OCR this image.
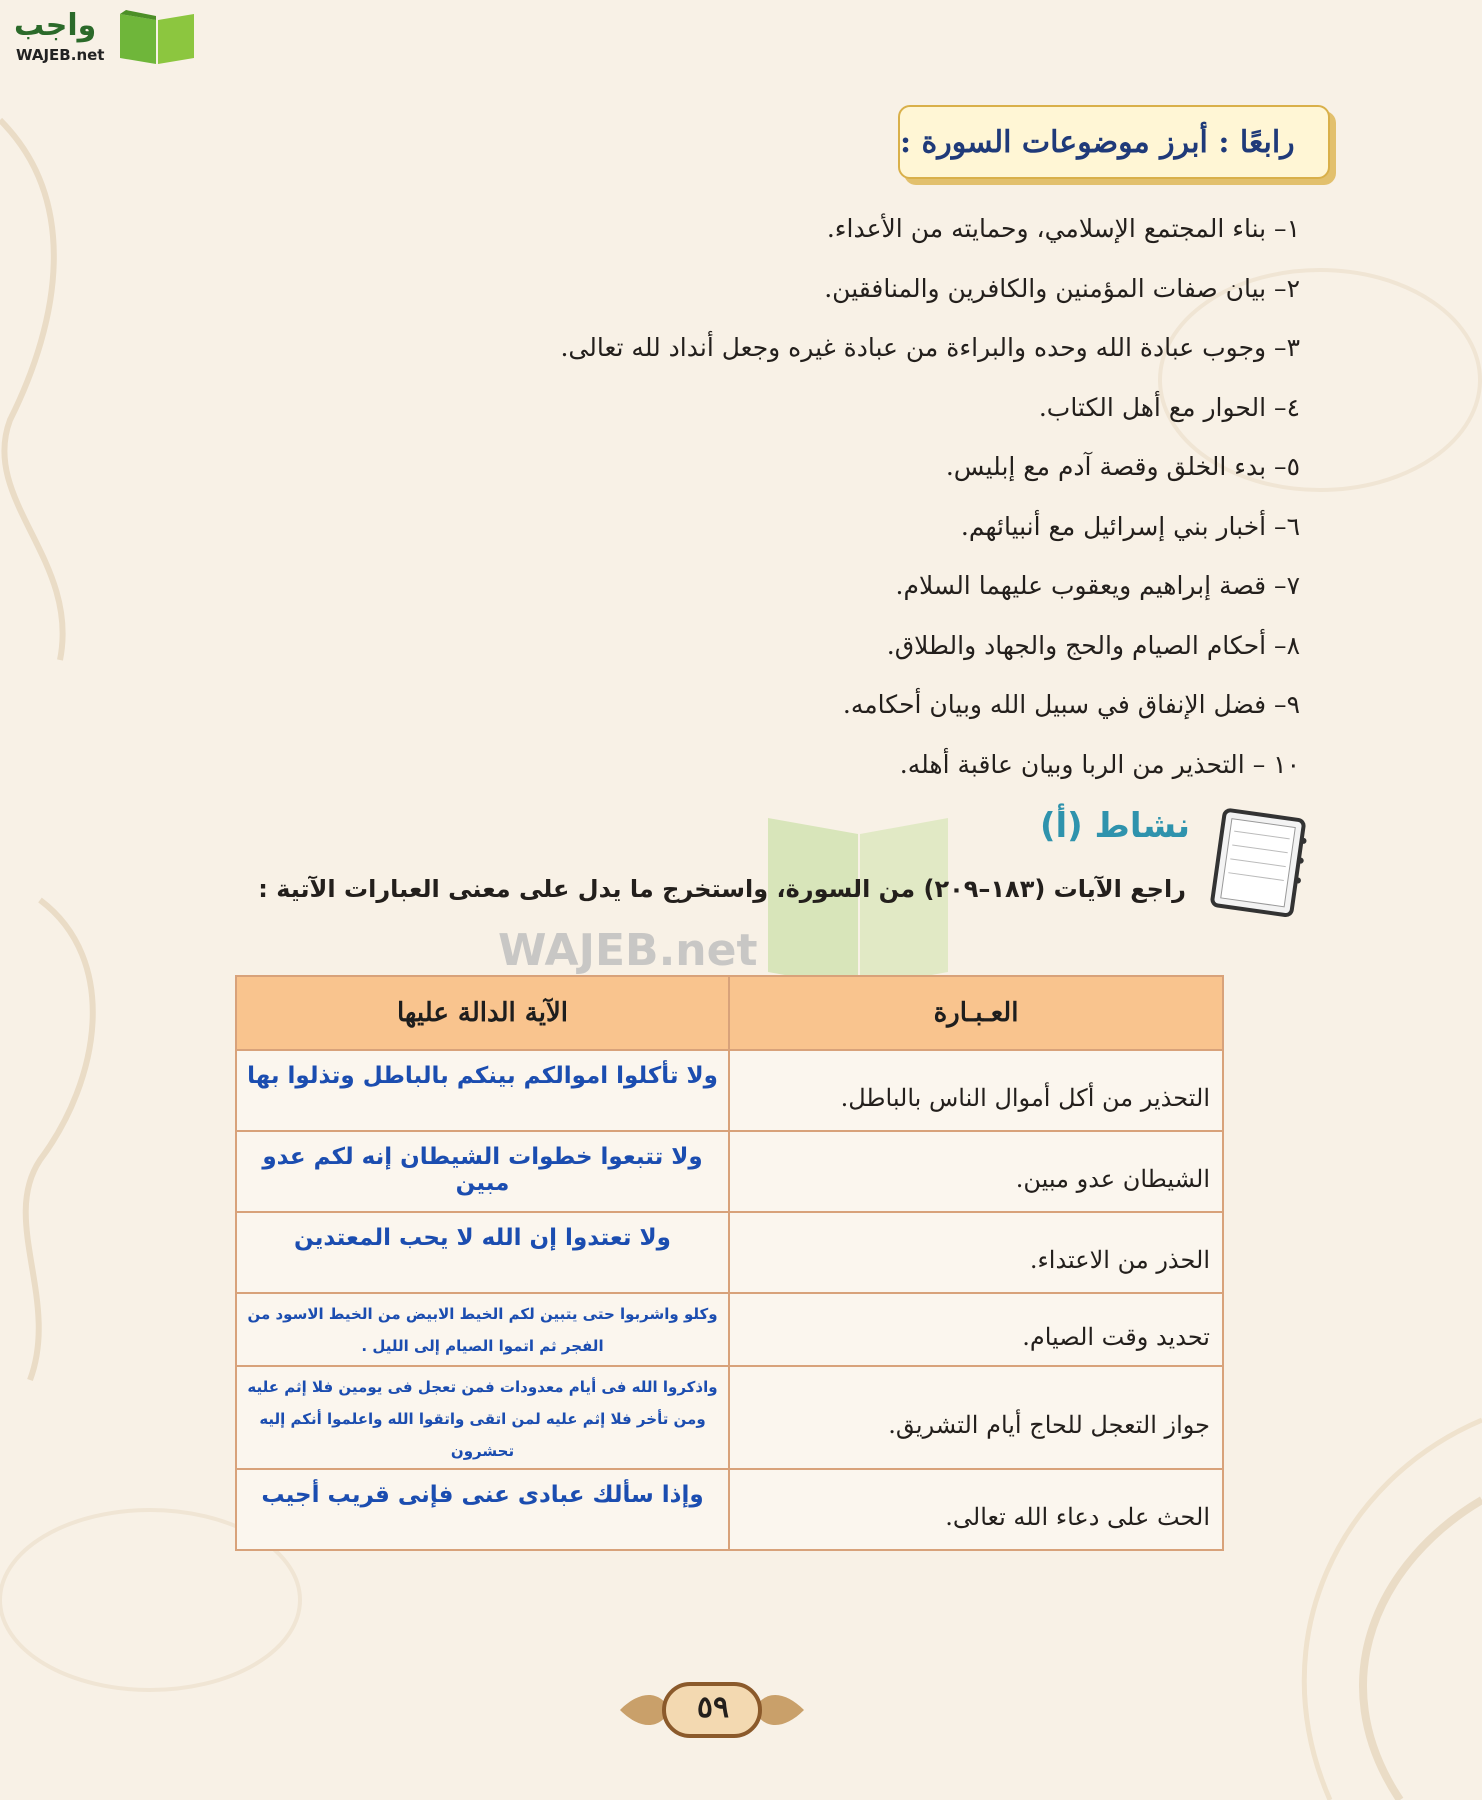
واجب
WAJEB.net
رابعًا : أبرز موضوعات السورة :
١– بناء المجتمع الإسلامي، وحمايته من الأعداء.
٢– بيان صفات المؤمنين والكافرين والمنافقين.
٣– وجوب عبادة الله وحده والبراءة من عبادة غيره وجعل أنداد لله تعالى.
٤– الحوار مع أهل الكتاب.
٥– بدء الخلق وقصة آدم مع إبليس.
٦– أخبار بني إسرائيل مع أنبيائهم.
٧– قصة إبراهيم ويعقوب عليهما السلام.
٨– أحكام الصيام والحج والجهاد والطلاق.
٩– فضل الإنفاق في سبيل الله وبيان أحكامه.
١٠ – التحذير من الربا وبيان عاقبة أهله.
WAJEB.net
نشاط (أ)
راجع الآيات (١٨٣–٢٠٩) من السورة، واستخرج ما يدل على معنى العبارات الآتية :
العـبـارة	الآية الدالة عليها
التحذير من أكل أموال الناس بالباطل.	ولا تأكلوا اموالكم بينكم بالباطل وتذلوا بها
الشيطان عدو مبين.	ولا تتبعوا خطوات الشيطان إنه لكم عدو مبين
الحذر من الاعتداء.	ولا تعتدوا إن الله لا يحب المعتدين
تحديد وقت الصيام.	وكلو واشربوا حتى يتبين لكم الخيط الابيض من الخيط الاسود من الفجر ثم اتموا الصيام إلى الليل .
جواز التعجل للحاج أيام التشريق.	واذكروا الله فى أيام معدودات فمن تعجل فى يومين فلا إثم عليه ومن تأخر فلا إثم عليه لمن اتقى واتقوا الله واعلموا أنكم إليه تحشرون
الحث على دعاء الله تعالى.	وإذا سألك عبادى عنى فإنى قريب أجيب
٥٩
